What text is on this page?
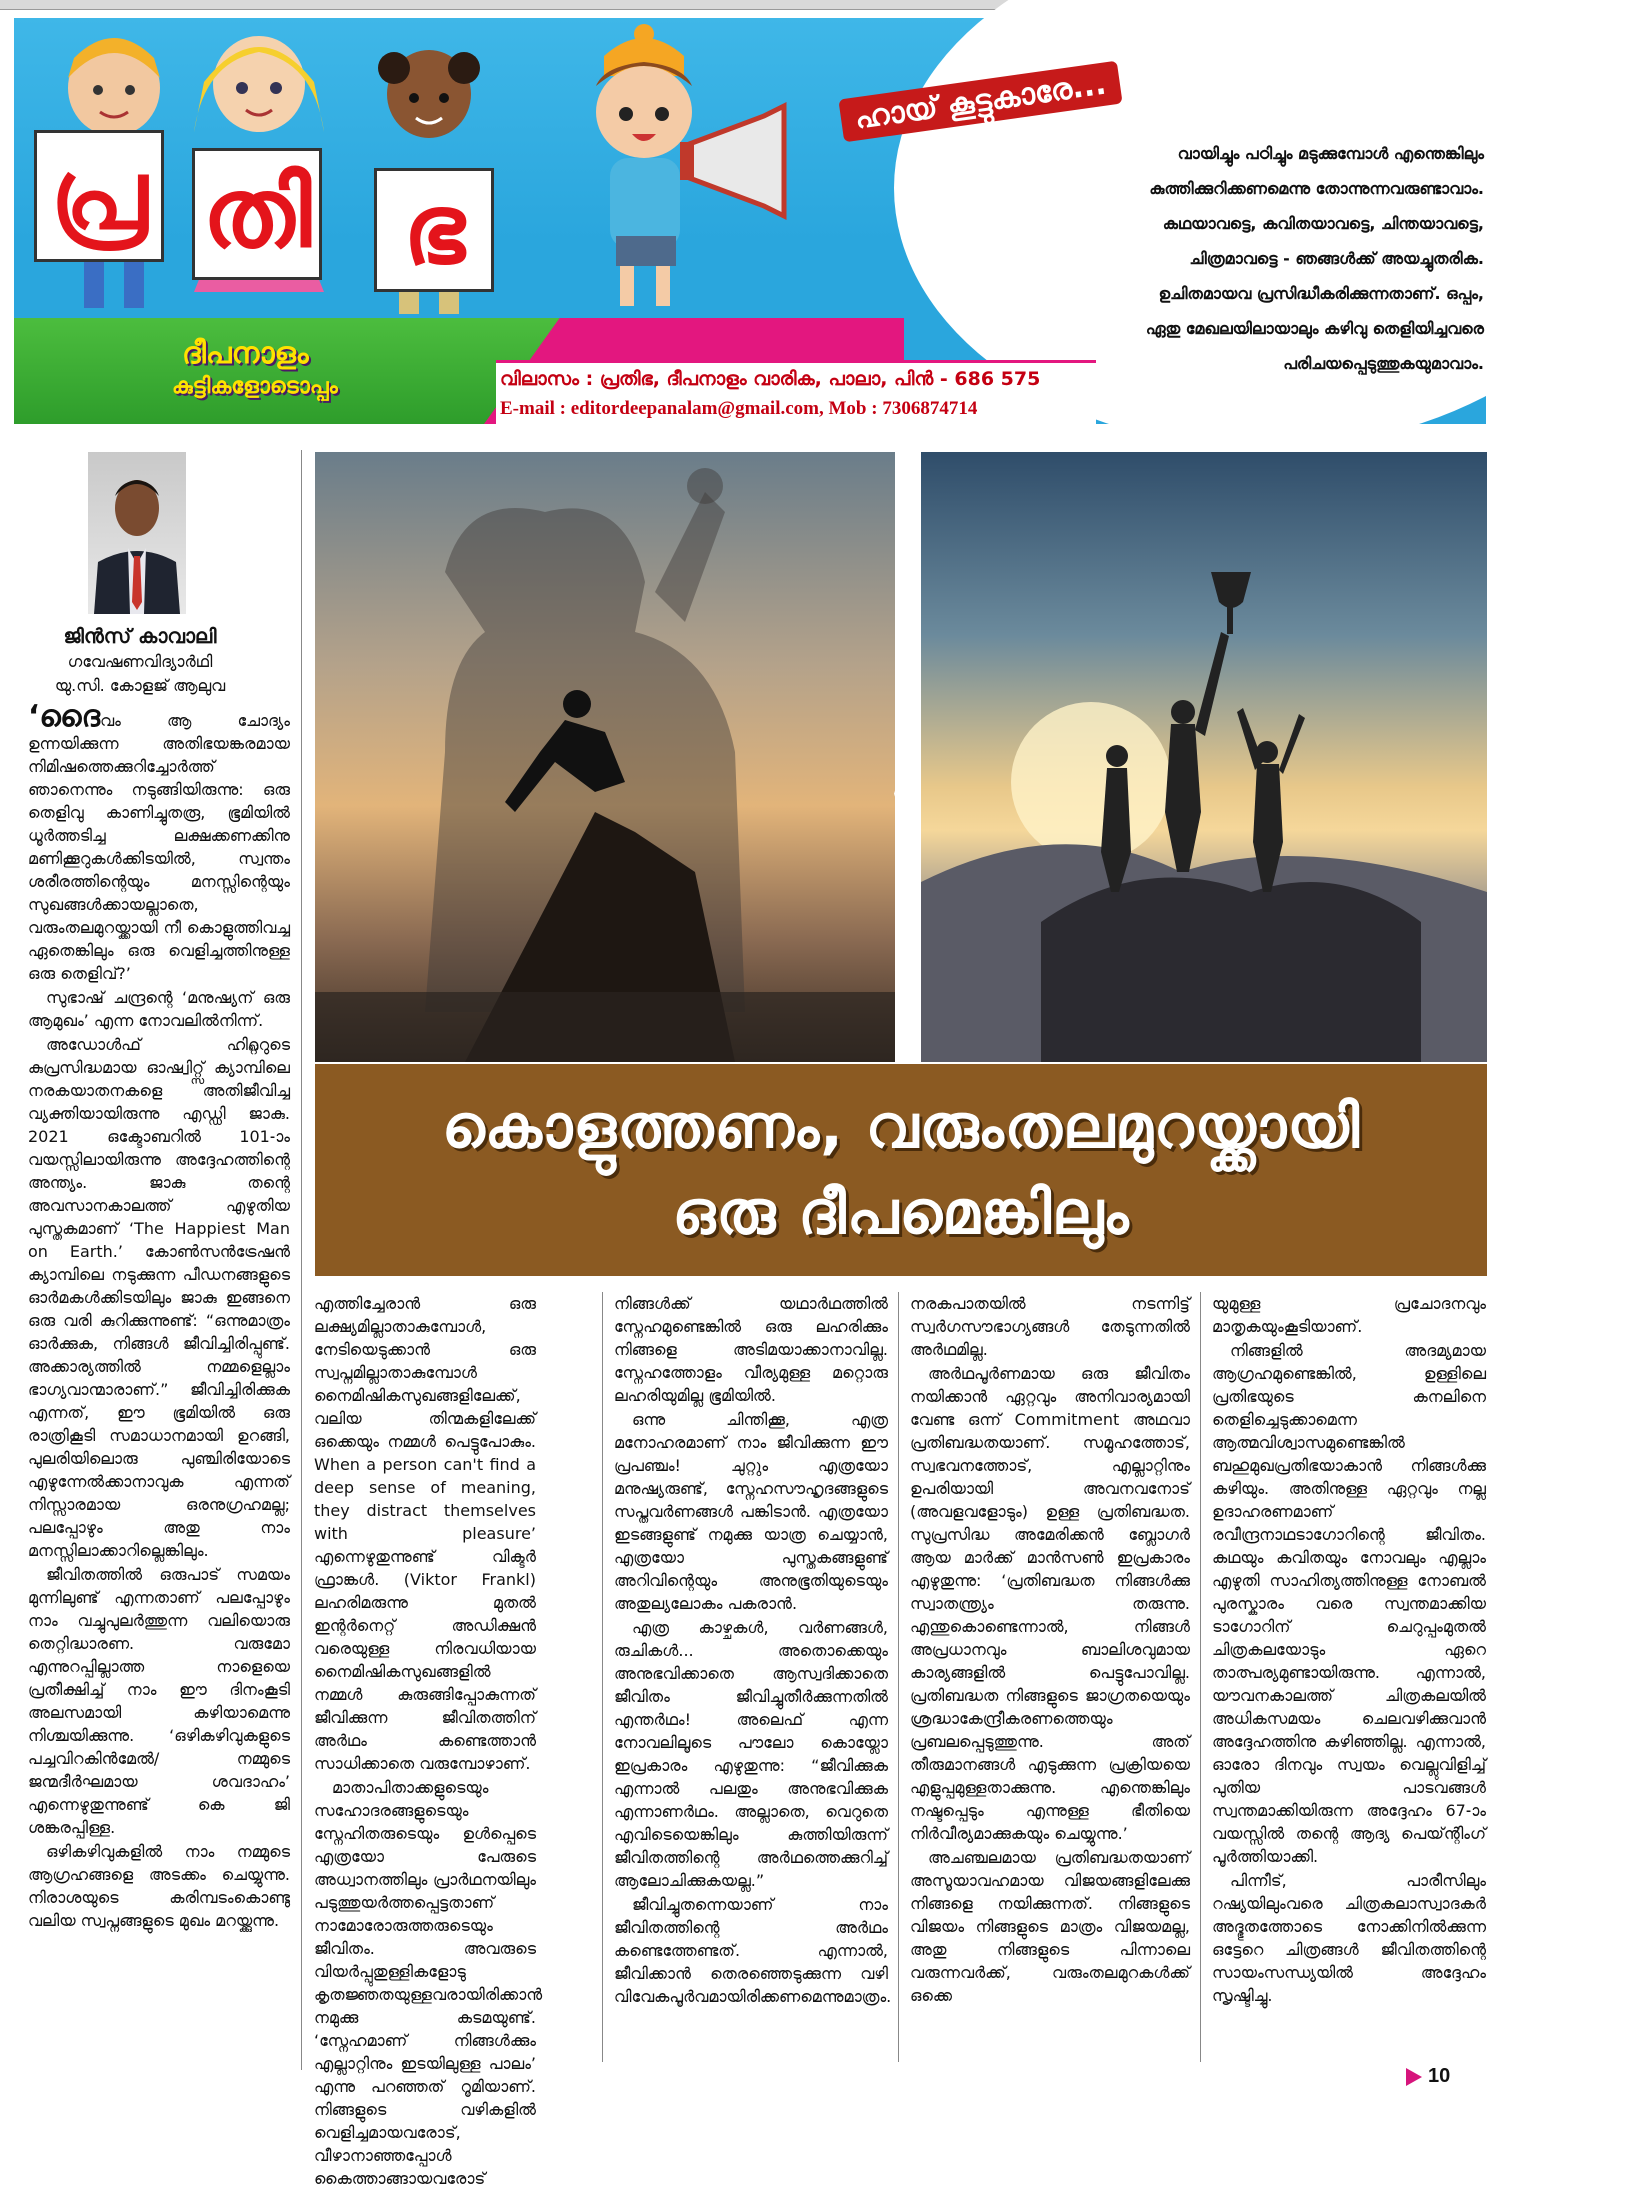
പ്ര തി ഭ
ദീപനാളം
കുട്ടികളോടൊപ്പം
ഹായ് കൂട്ടുകാരേ...
വായിച്ചും പഠിച്ചും മടുക്കുമ്പോൾ എന്തെങ്കിലും
കുത്തിക്കുറിക്കണമെന്നു തോന്നുന്നവരുണ്ടാവാം.
കഥയാവട്ടെ, കവിതയാവട്ടെ, ചിന്തയാവട്ടെ,
ചിത്രമാവട്ടെ - ഞങ്ങൾക്ക് അയച്ചുതരിക.
ഉചിതമായവ പ്രസിദ്ധീകരിക്കുന്നതാണ്. ഒപ്പം,
ഏതു മേഖലയിലായാലും കഴിവു തെളിയിച്ചവരെ
പരിചയപ്പെടുത്തുകയുമാവാം.
വിലാസം : പ്രതിഭ, ദീപനാളം വാരിക, പാലാ, പിൻ - 686 575
E-mail : editordeepanalam@gmail.com, Mob : 7306874714
ജിൻസ് കാവാലി
ഗവേഷണവിദ്യാർഥി
യു.സി. കോളജ് ആലുവ
കൊളുത്തണം, വരുംതലമുറയ്ക്കായി
ഒരു ദീപമെങ്കിലും

‘ദൈവം ആ ചോദ്യം ഉന്നയിക്കുന്ന അതിഭയങ്കരമായ നിമിഷത്തെക്കുറിച്ചോർത്ത് ഞാനെന്നും നടുങ്ങിയിരുന്നു: ഒരു തെളിവു കാണിച്ചുതരൂ, ഭൂമിയിൽ ധൂർത്തടിച്ച ലക്ഷക്കണക്കിനു മണിക്കൂറുകൾക്കിടയിൽ, സ്വന്തം ശരീരത്തിന്റെയും മനസ്സിന്റെയും സുഖങ്ങൾക്കായല്ലാതെ, വരുംതലമുറയ്ക്കായി നീ കൊളുത്തിവച്ച ഏതെങ്കിലും ഒരു വെളിച്ചത്തിനുള്ള ഒരു തെളിവ്?’

സുഭാഷ് ചന്ദ്രന്റെ ‘മനുഷ്യന് ഒരു ആമുഖം’ എന്ന നോവലിൽനിന്ന്.

അഡോൾഫ് ഹിറ്റ്ലറുടെ കുപ്രസിദ്ധമായ ഓഷ്വിറ്റ്സ് ക്യാമ്പിലെ നരകയാതനകളെ അതിജീവിച്ച വ്യക്തിയായിരുന്നു എഡ്ഡി ജാകു. 2021 ഒക്ടോബറിൽ 101-ാം വയസ്സിലായിരുന്നു അദ്ദേഹത്തിന്റെ അന്ത്യം. ജാകു തന്റെ അവസാനകാലത്ത് എഴുതിയ പുസ്തകമാണ് ‘The Happiest Man on Earth.’ കോൺസൻട്രേഷൻ ക്യാമ്പിലെ നടുക്കുന്ന പീഡനങ്ങളുടെ ഓർമകൾക്കിടയിലും ജാകു ഇങ്ങനെ ഒരു വരി കുറിക്കുന്നുണ്ട്: “ഒന്നുമാത്രം ഓർക്കുക, നിങ്ങൾ ജീവിച്ചിരിപ്പുണ്ട്. അക്കാര്യത്തിൽ നമ്മളെല്ലാം ഭാഗ്യവാന്മാരാണ്.” ജീവിച്ചിരിക്കുക എന്നത്, ഈ ഭൂമിയിൽ ഒരു രാത്രികൂടി സമാധാനമായി ഉറങ്ങി, പുലരിയിലൊരു പുഞ്ചിരിയോടെ എഴുന്നേൽക്കാനാവുക എന്നത് നിസ്സാരമായ ഒരനുഗ്രഹമല്ല; പലപ്പോഴും അതു നാം മനസ്സിലാക്കാറില്ലെങ്കിലും.

ജീവിതത്തിൽ ഒരുപാട് സമയം മുന്നിലുണ്ട് എന്നതാണ് പലപ്പോഴും നാം വച്ചുപുലർത്തുന്ന വലിയൊരു തെറ്റിദ്ധാരണ. വരുമോ എന്നുറപ്പില്ലാത്ത നാളെയെ പ്രതീക്ഷിച്ച് നാം ഈ ദിനംകൂടി അലസമായി കഴിയാമെന്നു നിശ്ചയിക്കുന്നു. ‘ഒഴികഴിവുകളുടെ പച്ചവിറകിൻമേൽ/ നമ്മുടെ ജന്മദീർഘമായ ശവദാഹം’ എന്നെഴുതുന്നുണ്ട് കെ ജി ശങ്കരപ്പിള്ള.

ഒഴികഴിവുകളിൽ നാം നമ്മുടെ ആഗ്രഹങ്ങളെ അടക്കം ചെയ്യുന്നു. നിരാശയുടെ കരിമ്പടംകൊണ്ടു വലിയ സ്വപ്നങ്ങളുടെ മുഖം മറയ്ക്കുന്നു.

എത്തിച്ചേരാൻ ഒരു ലക്ഷ്യമില്ലാതാകുമ്പോൾ, നേടിയെടുക്കാൻ ഒരു സ്വപ്നമില്ലാതാകുമ്പോൾ നൈമിഷികസുഖങ്ങളിലേക്ക്, വലിയ തിന്മകളിലേക്ക് ഒക്കെയും നമ്മൾ പെട്ടുപോകും. When a person can't find a deep sense of meaning, they distract themselves with pleasure’ എന്നെഴുതുന്നുണ്ട് വിക്ടർ ഫ്രാങ്കൾ. (Viktor Frankl) ലഹരിമരുന്നു മുതൽ ഇന്റർനെറ്റ് അഡിക്ഷൻ വരെയുള്ള നിരവധിയായ നൈമിഷികസുഖങ്ങളിൽ നമ്മൾ കുരുങ്ങിപ്പോകുന്നത് ജീവിക്കുന്ന ജീവിതത്തിന് അർഥം കണ്ടെത്താൻ സാധിക്കാതെ വരുമ്പോഴാണ്.

മാതാപിതാക്കളുടെയും സഹോദരങ്ങളുടെയും സ്നേഹിതരുടെയും ഉൾപ്പെടെ എത്രയോ പേരുടെ അധ്വാനത്തിലും പ്രാർഥനയിലും പടുത്തുയർത്തപ്പെട്ടതാണ് നാമോരോരുത്തരുടെയും ജീവിതം. അവരുടെ വിയർപ്പുതുള്ളികളോടു കൃതജ്ഞതയുള്ളവരായിരിക്കാൻ നമുക്കു കടമയുണ്ട്. ‘സ്നേഹമാണ് നിങ്ങൾക്കും എല്ലാറ്റിനും ഇടയിലുള്ള പാലം’ എന്നു പറഞ്ഞത് റൂമിയാണ്. നിങ്ങളുടെ വഴികളിൽ വെളിച്ചമായവരോട്, വീഴാനാഞ്ഞപ്പോൾ കൈത്താങ്ങായവരോട്

നിങ്ങൾക്ക് യഥാർഥത്തിൽ സ്നേഹമുണ്ടെങ്കിൽ ഒരു ലഹരിക്കും നിങ്ങളെ അടിമയാക്കാനാവില്ല. സ്നേഹത്തോളം വീര്യമുള്ള മറ്റൊരു ലഹരിയുമില്ല ഭൂമിയിൽ.

ഒന്നു ചിന്തിക്കൂ, എത്ര മനോഹരമാണ് നാം ജീവിക്കുന്ന ഈ പ്രപഞ്ചം! ചുറ്റും എത്രയോ മനുഷ്യരുണ്ട്, സ്നേഹസൗഹൃദങ്ങളുടെ സപ്തവർണങ്ങൾ പങ്കിടാൻ. എത്രയോ ഇടങ്ങളുണ്ട് നമുക്കു യാത്ര ചെയ്യാൻ, എത്രയോ പുസ്തകങ്ങളുണ്ട് അറിവിന്റെയും അനുഭൂതിയുടെയും അതുല്യലോകം പകരാൻ.

എത്ര കാഴ്ചകൾ, വർണങ്ങൾ, രുചികൾ... അതൊക്കെയും അനുഭവിക്കാതെ ആസ്വദിക്കാതെ ജീവിതം ജീവിച്ചുതീർക്കുന്നതിൽ എന്തർഥം! അലെഫ് എന്ന നോവലിലൂടെ പൗലോ കൊയ്ലോ ഇപ്രകാരം എഴുതുന്നു: “ജീവിക്കുക എന്നാൽ പലതും അനുഭവിക്കുക എന്നാണർഥം. അല്ലാതെ, വെറുതെ എവിടെയെങ്കിലും കുത്തിയിരുന്ന് ജീവിതത്തിന്റെ അർഥത്തെക്കുറിച്ച് ആലോചിക്കുകയല്ല.”

ജീവിച്ചുതന്നെയാണ് നാം ജീവിതത്തിന്റെ അർഥം കണ്ടെത്തേണ്ടത്. എന്നാൽ, ജീവിക്കാൻ തെരഞ്ഞെടുക്കുന്ന വഴി വിവേകപൂർവമായിരിക്കണമെന്നുമാത്രം.

നരകപാതയിൽ നടന്നിട്ട് സ്വർഗസൗഭാഗ്യങ്ങൾ തേടുന്നതിൽ അർഥമില്ല.

അർഥപൂർണമായ ഒരു ജീവിതം നയിക്കാൻ ഏറ്റവും അനിവാര്യമായി വേണ്ട ഒന്ന് Commitment അഥവാ പ്രതിബദ്ധതയാണ്. സമൂഹത്തോട്, സ്വഭവനത്തോട്, എല്ലാറ്റിനും ഉപരിയായി അവനവനോട് (അവളവളോടും) ഉള്ള പ്രതിബദ്ധത. സുപ്രസിദ്ധ അമേരിക്കൻ ബ്ലോഗർ ആയ മാർക്ക് മാൻസൺ ഇപ്രകാരം എഴുതുന്നു: ‘പ്രതിബദ്ധത നിങ്ങൾക്കു സ്വാതന്ത്ര്യം തരുന്നു. എന്തുകൊണ്ടെന്നാൽ, നിങ്ങൾ അപ്രധാനവും ബാലിശവുമായ കാര്യങ്ങളിൽ പെട്ടുപോവില്ല. പ്രതിബദ്ധത നിങ്ങളുടെ ജാഗ്രതയെയും ശ്രദ്ധാകേന്ദ്രീകരണത്തെയും പ്രബലപ്പെടുത്തുന്നു. അത് തീരുമാനങ്ങൾ എടുക്കുന്ന പ്രക്രിയയെ എളുപ്പമുള്ളതാക്കുന്നു. എന്തെങ്കിലും നഷ്ടപ്പെടും എന്നുള്ള ഭീതിയെ നിർവീര്യമാക്കുകയും ചെയ്യുന്നു.’

അചഞ്ചലമായ പ്രതിബദ്ധതയാണ് അസൂയാവഹമായ വിജയങ്ങളിലേക്കു നിങ്ങളെ നയിക്കുന്നത്. നിങ്ങളുടെ വിജയം നിങ്ങളുടെ മാത്രം വിജയമല്ല, അതു നിങ്ങളുടെ പിന്നാലെ വരുന്നവർക്ക്, വരുംതലമുറകൾക്ക് ഒക്കെ

യുമുള്ള പ്രചോദനവും മാതൃകയുംകൂടിയാണ്.

നിങ്ങളിൽ അദമ്യമായ ആഗ്രഹമുണ്ടെങ്കിൽ, ഉള്ളിലെ പ്രതിഭയുടെ കനലിനെ തെളിച്ചെടുക്കാമെന്ന ആത്മവിശ്വാസമുണ്ടെങ്കിൽ ബഹുമുഖപ്രതിഭയാകാൻ നിങ്ങൾക്കു കഴിയും. അതിനുള്ള ഏറ്റവും നല്ല ഉദാഹരണമാണ് രവീന്ദ്രനാഥടാഗോറിന്റെ ജീവിതം. കഥയും കവിതയും നോവലും എല്ലാം എഴുതി സാഹിത്യത്തിനുള്ള നോബൽ പുരസ്കാരം വരെ സ്വന്തമാക്കിയ ടാഗോറിന് ചെറുപ്പംമുതൽ ചിത്രകലയോടും ഏറെ താത്പര്യമുണ്ടായിരുന്നു. എന്നാൽ, യൗവനകാലത്ത് ചിത്രകലയിൽ അധികസമയം ചെലവഴിക്കുവാൻ അദ്ദേഹത്തിനു കഴിഞ്ഞില്ല. എന്നാൽ, ഓരോ ദിനവും സ്വയം വെല്ലുവിളിച്ച് പുതിയ പാടവങ്ങൾ സ്വന്തമാക്കിയിരുന്ന അദ്ദേഹം 67-ാം വയസ്സിൽ തന്റെ ആദ്യ പെയ്ന്റിംഗ് പൂർത്തിയാക്കി.

പിന്നീട്, പാരീസിലും റഷ്യയിലുംവരെ ചിത്രകലാസ്വാദകർ അദ്ഭുതത്തോടെ നോക്കിനിൽക്കുന്ന ഒട്ടേറെ ചിത്രങ്ങൾ ജീവിതത്തിന്റെ സായംസന്ധ്യയിൽ അദ്ദേഹം സൃഷ്ടിച്ചു.

10
